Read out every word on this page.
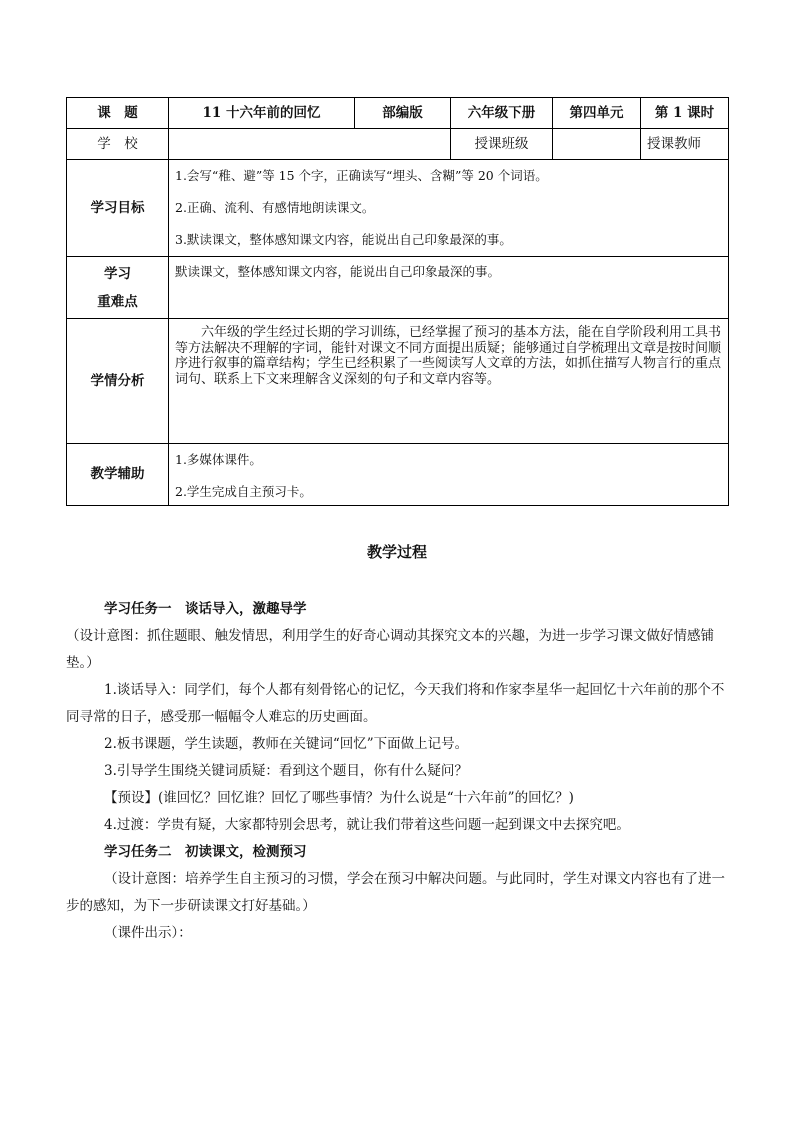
课　题	11 十六年前的回忆	部编版	六年级下册	第四单元	第 1 课时
学　校			授课班级		授课教师
学习目标	1.会写“稚、避”等 15 个字，正确读写“埋头、含糊”等 20 个词语。

2.正确、流利、有感情地朗读课文。

3.默读课文，整体感知课文内容，能说出自己印象最深的事。				

学习
重难点	默读课文，整体感知课文内容，能说出自己印象最深的事。				
学情分析	六年级的学生经过长期的学习训练，已经掌握了预习的基本方法，能在自学阶段利用工具书等方法解决不理解的字词，能针对课文不同方面提出质疑；能够通过自学梳理出文章是按时间顺序进行叙事的篇章结构；学生已经积累了一些阅读写人文章的方法，如抓住描写人物言行的重点词句、联系上下文来理解含义深刻的句子和文章内容等。				
教学辅助	1.多媒体课件。

2.学生完成自主预习卡。				

教学过程

学习任务一　谈话导入，激趣导学

（设计意图：抓住题眼、触发情思，利用学生的好奇心调动其探究文本的兴趣，为进一步学习课文做好情感铺垫。）

1.谈话导入：同学们，每个人都有刻骨铭心的记忆，今天我们将和作家李星华一起回忆十六年前的那个不同寻常的日子，感受那一幅幅令人难忘的历史画面。

2.板书课题，学生读题，教师在关键词“回忆”下面做上记号。

3.引导学生围绕关键词质疑：看到这个题目，你有什么疑问？

【预设】(谁回忆？回忆谁？回忆了哪些事情？为什么说是“十六年前”的回忆？)

4.过渡：学贵有疑，大家都特别会思考，就让我们带着这些问题一起到课文中去探究吧。

学习任务二　初读课文，检测预习

（设计意图：培养学生自主预习的习惯，学会在预习中解决问题。与此同时，学生对课文内容也有了进一步的感知，为下一步研读课文打好基础。）

（课件出示）：
